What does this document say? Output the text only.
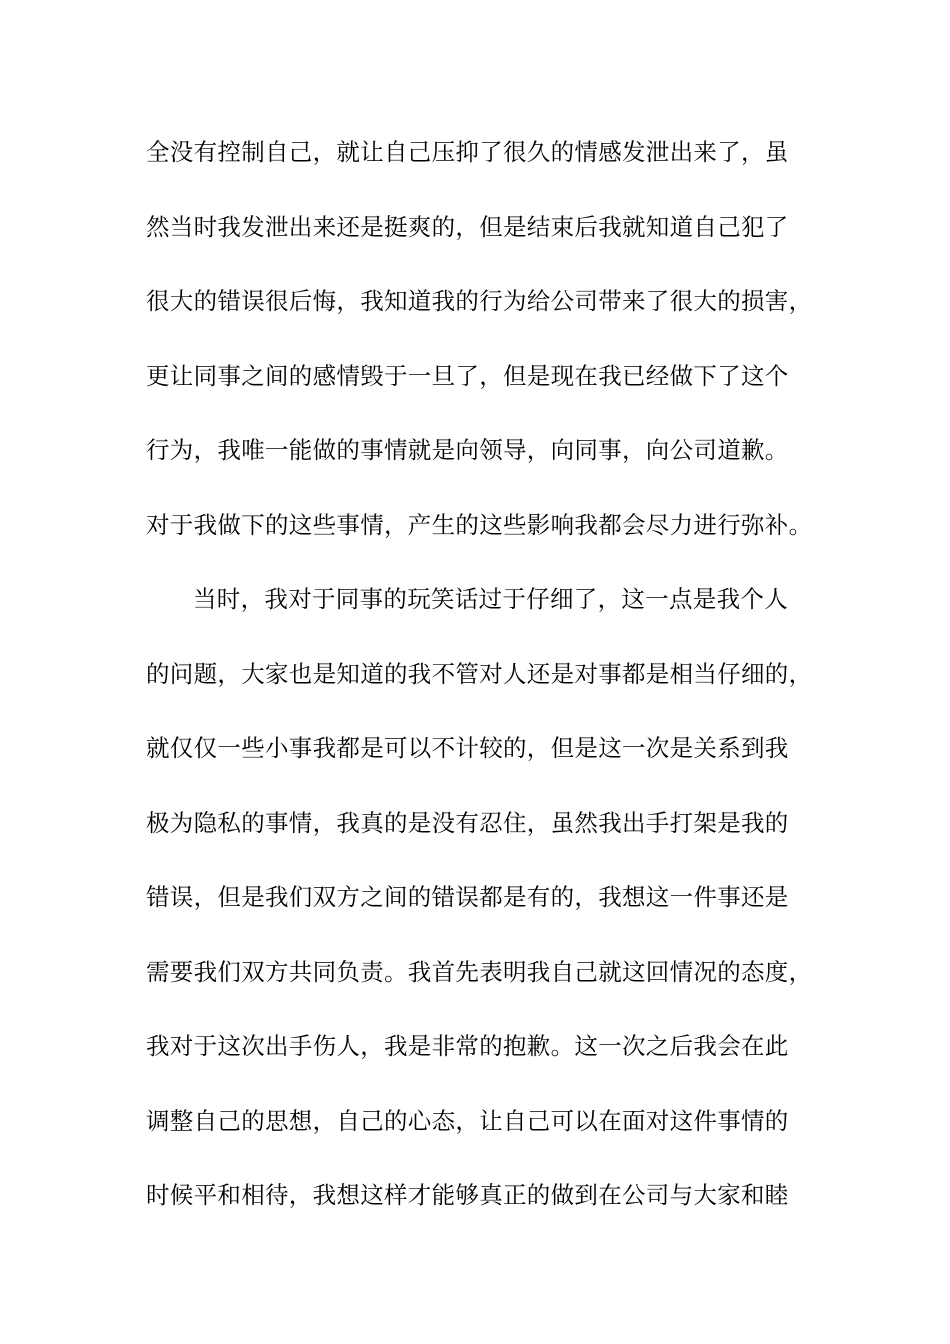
全没有控制自己，就让自己压抑了很久的情感发泄出来了，虽
然当时我发泄出来还是挺爽的，但是结束后我就知道自己犯了
很大的错误很后悔，我知道我的行为给公司带来了很大的损害，
更让同事之间的感情毁于一旦了，但是现在我已经做下了这个
行为，我唯一能做的事情就是向领导，向同事，向公司道歉。
对于我做下的这些事情，产生的这些影响我都会尽力进行弥补。
当时，我对于同事的玩笑话过于仔细了，这一点是我个人
的问题，大家也是知道的我不管对人还是对事都是相当仔细的，
就仅仅一些小事我都是可以不计较的，但是这一次是关系到我
极为隐私的事情，我真的是没有忍住，虽然我出手打架是我的
错误，但是我们双方之间的错误都是有的，我想这一件事还是
需要我们双方共同负责。我首先表明我自己就这回情况的态度，
我对于这次出手伤人，我是非常的抱歉。这一次之后我会在此
调整自己的思想，自己的心态，让自己可以在面对这件事情的
时候平和相待，我想这样才能够真正的做到在公司与大家和睦
